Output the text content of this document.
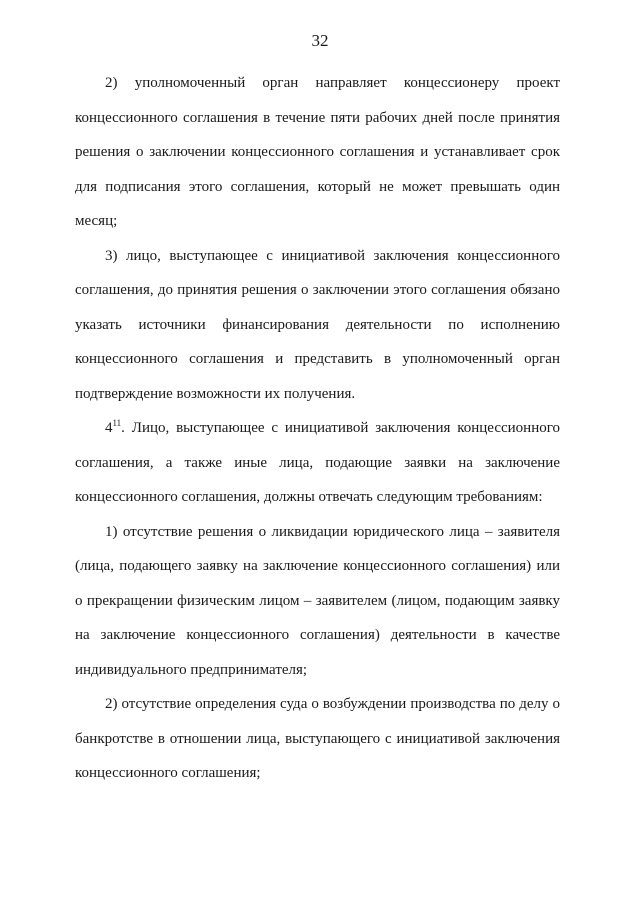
32

2) уполномоченный орган направляет концессионеру проект концессионного соглашения в течение пяти рабочих дней после принятия решения о заключении концессионного соглашения и устанавливает срок для подписания этого соглашения, который не может превышать один месяц;

3) лицо, выступающее с инициативой заключения концессионного соглашения, до принятия решения о заключении этого соглашения обязано указать источники финансирования деятельности по исполнению концессионного соглашения и представить в уполномоченный орган подтверждение возможности их получения.

$4^{11}$. Лицо, выступающее с инициативой заключения концессионного соглашения, а также иные лица, подающие заявки на заключение концессионного соглашения, должны отвечать следующим требованиям:

1) отсутствие решения о ликвидации юридического лица – заявителя (лица, подающего заявку на заключение концессионного соглашения) или о прекращении физическим лицом – заявителем (лицом, подающим заявку на заключение концессионного соглашения) деятельности в качестве индивидуального предпринимателя;

2) отсутствие определения суда о возбуждении производства по делу о банкротстве в отношении лица, выступающего с инициативой заключения концессионного соглашения;
